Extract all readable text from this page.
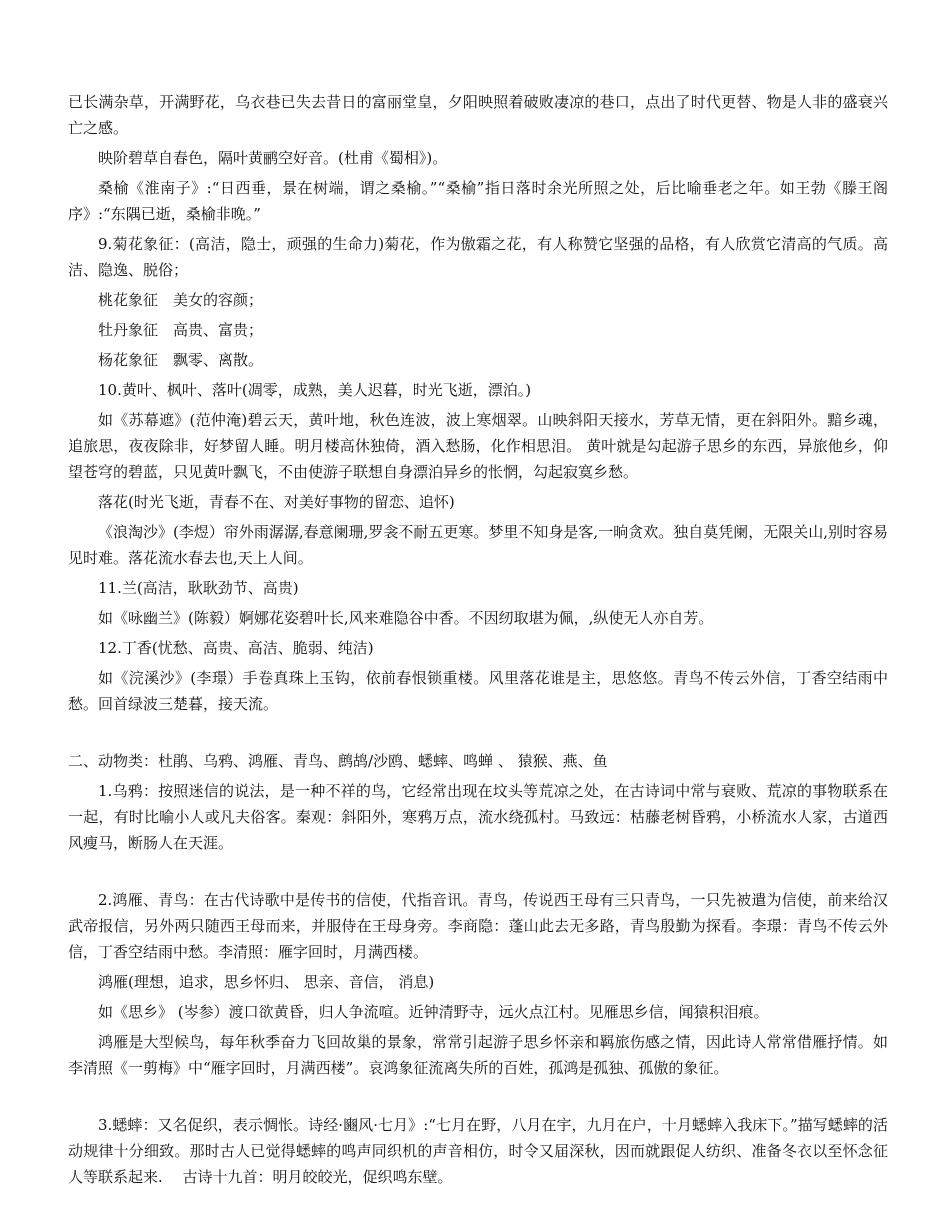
已长满杂草，开满野花，乌衣巷已失去昔日的富丽堂皇，夕阳映照着破败凄凉的巷口，点出了时代更替、物是人非的盛衰兴亡之感。

映阶碧草自春色，隔叶黄鹂空好音。(杜甫《蜀相》)。

桑榆《淮南子》:“日西垂，景在树端，谓之桑榆。”“桑榆”指日落时余光所照之处，后比喻垂老之年。如王勃《滕王阁序》:“东隅已逝，桑榆非晚。”

9.菊花象征：(高洁，隐士，顽强的生命力)菊花，作为傲霜之花，有人称赞它坚强的品格，有人欣赏它清高的气质。高洁、隐逸、脱俗；

桃花象征　美女的容颜；

牡丹象征　高贵、富贵；

杨花象征　飘零、离散。

10.黄叶、枫叶、落叶(凋零，成熟，美人迟暮，时光飞逝，漂泊。)

如《苏幕遮》(范仲淹)碧云天，黄叶地，秋色连波，波上寒烟翠。山映斜阳天接水，芳草无情，更在斜阳外。黯乡魂，追旅思，夜夜除非，好梦留人睡。明月楼高休独倚，酒入愁肠，化作相思泪。 黄叶就是勾起游子思乡的东西，异旅他乡，仰望苍穹的碧蓝，只见黄叶飘飞，不由使游子联想自身漂泊异乡的怅惘，勾起寂寞乡愁。

落花(时光飞逝，青春不在、对美好事物的留恋、追怀)

《浪淘沙》(李煜）帘外雨潺潺,春意阑珊,罗衾不耐五更寒。梦里不知身是客,一晌贪欢。独自莫凭阑，无限关山,别时容易见时难。落花流水春去也,天上人间。

11.兰(高洁，耿耿劲节、高贵)

如《咏幽兰》(陈毅）婀娜花姿碧叶长,风来难隐谷中香。不因纫取堪为佩，,纵使无人亦自芳。

12.丁香(忧愁、高贵、高洁、脆弱、纯洁)

如《浣溪沙》(李璟）手卷真珠上玉钩，依前春恨锁重楼。风里落花谁是主，思悠悠。青鸟不传云外信，丁香空结雨中愁。回首绿波三楚暮，接天流。

二、动物类：杜鹃、乌鸦、鸿雁、青鸟、鹧鸪/沙鸥、蟋蟀、鸣蝉 、 猿猴、燕、鱼

1.乌鸦：按照迷信的说法，是一种不祥的鸟，它经常出现在坟头等荒凉之处，在古诗词中常与衰败、荒凉的事物联系在一起，有时比喻小人或凡夫俗客。秦观：斜阳外，寒鸦万点，流水绕孤村。马致远：枯藤老树昏鸦，小桥流水人家，古道西风瘦马，断肠人在天涯。

2.鸿雁、青鸟：在古代诗歌中是传书的信使，代指音讯。青鸟，传说西王母有三只青鸟，一只先被遣为信使，前来给汉武帝报信，另外两只随西王母而来，并服侍在王母身旁。李商隐：蓬山此去无多路，青鸟殷勤为探看。李璟：青鸟不传云外信，丁香空结雨中愁。李清照：雁字回时，月满西楼。

鸿雁(理想，追求，思乡怀归、 思亲、音信， 消息)

如《思乡》 (岑参）渡口欲黄昏，归人争流喧。近钟清野寺，远火点江村。见雁思乡信，闻猿积泪痕。

鸿雁是大型候鸟，每年秋季奋力飞回故巢的景象，常常引起游子思乡怀亲和羁旅伤感之情，因此诗人常常借雁抒情。如李清照《一剪梅》中“雁字回时，月满西楼”。哀鸿象征流离失所的百姓，孤鸿是孤独、孤傲的象征。

3.蟋蟀：又名促织，表示惆怅。诗经·豳风·七月》:“七月在野，八月在宇，九月在户，十月蟋蟀入我床下。”描写蟋蟀的活动规律十分细致。那时古人已觉得蟋蟀的鸣声同织机的声音相仿，时令又届深秋，因而就跟促人纺织、准备冬衣以至怀念征人等联系起来.　 古诗十九首：明月皎皎光，促织鸣东壁。
